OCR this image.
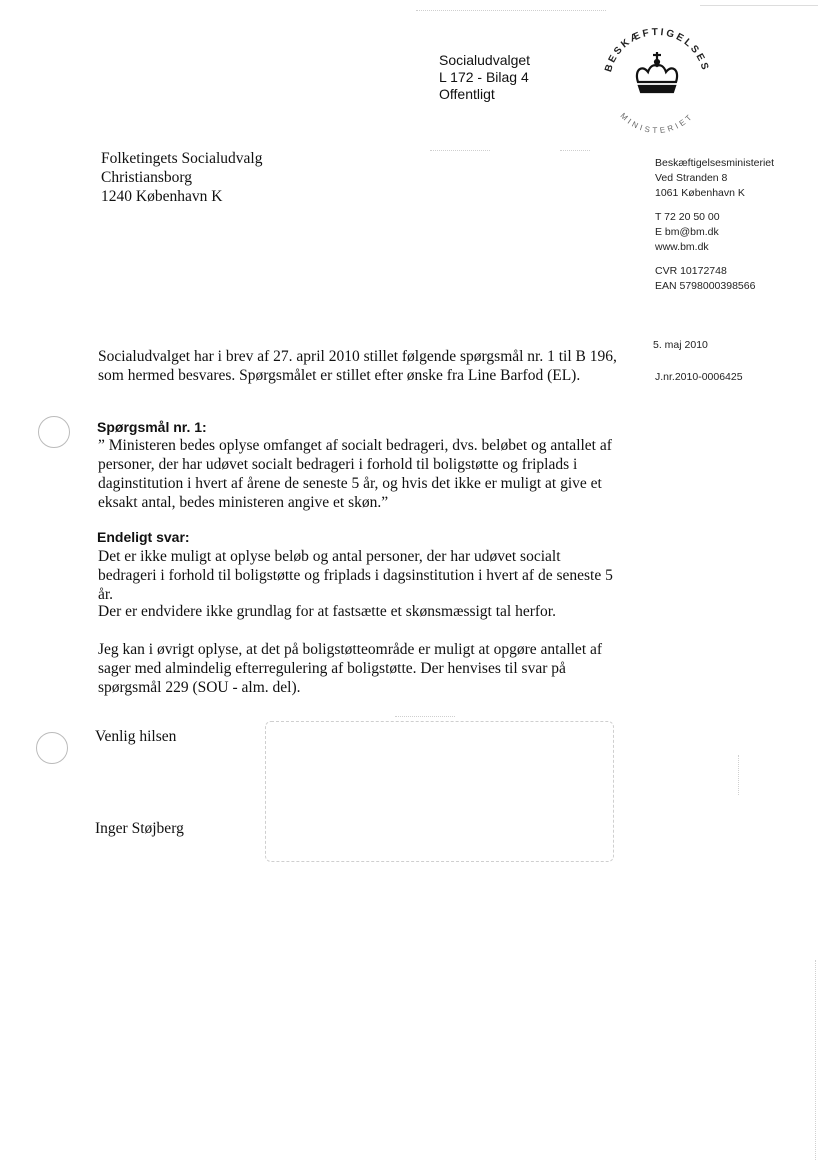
Socialudvalget
L 172 - Bilag 4
Offentligt
BESKÆFTIGELSES
MINISTERIET
Folketingets Socialudvalg
Christiansborg
1240 København K
Beskæftigelsesministeriet
Ved Stranden 8
1061 København K
T 72 20 50 00
E bm@bm.dk
www.bm.dk
CVR 10172748
EAN 5798000398566
5. maj 2010
J.nr.2010-0006425
Socialudvalget har i brev af 27. april 2010 stillet følgende spørgsmål nr. 1 til B 196, som hermed besvares. Spørgsmålet er stillet efter ønske fra Line Barfod (EL).
Spørgsmål nr. 1:
” Ministeren bedes oplyse omfanget af socialt bedrageri, dvs. beløbet og antallet af personer, der har udøvet socialt bedrageri i forhold til boligstøtte og friplads i daginstitution i hvert af årene de seneste 5 år, og hvis det ikke er muligt at give et eksakt antal, bedes ministeren angive et skøn.”
Endeligt svar:
Det er ikke muligt at oplyse beløb og antal personer, der har udøvet socialt bedrageri i forhold til boligstøtte og friplads i dagsinstitution i hvert af de seneste 5 år.
Der er endvidere ikke grundlag for at fastsætte et skønsmæssigt tal herfor.
Jeg kan i øvrigt oplyse, at det på boligstøtteområde er muligt at opgøre antallet af sager med almindelig efterregulering af boligstøtte. Der henvises til svar på spørgsmål 229 (SOU - alm. del).
Venlig hilsen
Inger Støjberg
